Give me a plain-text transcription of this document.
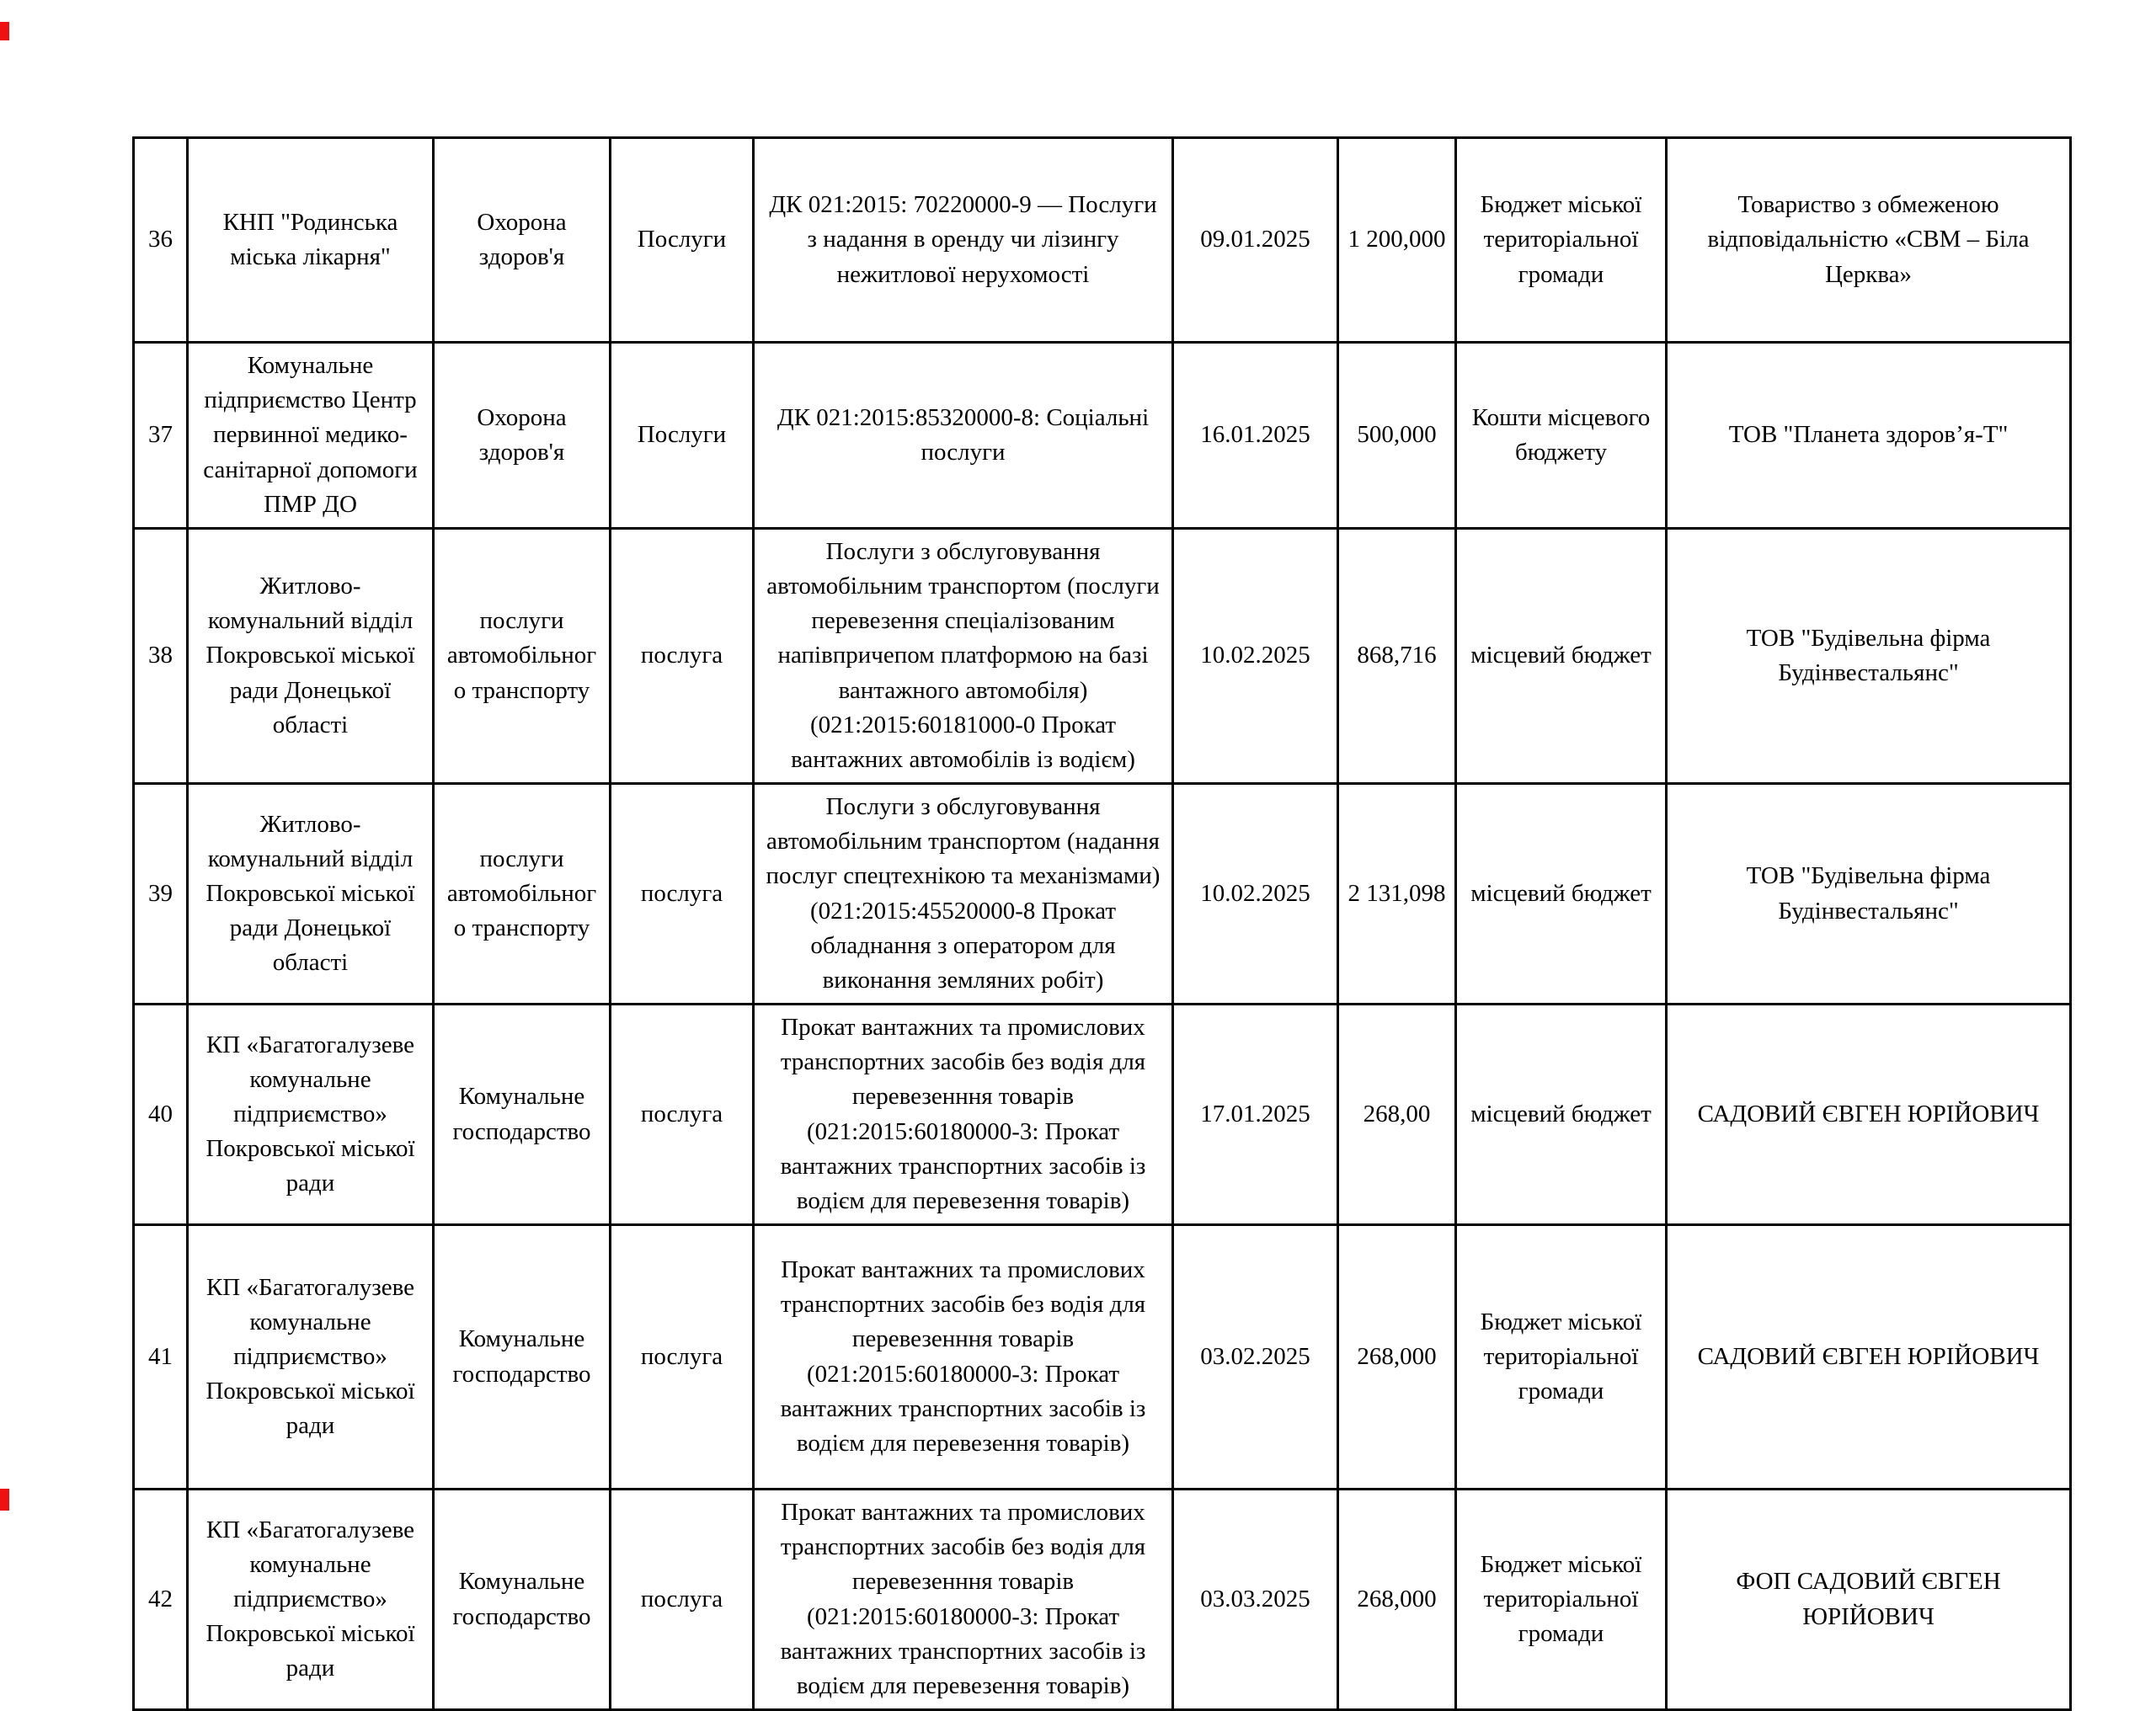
36	КНП "Родинська міська лікарня"	Охорона здоров'я	Послуги	ДК 021:2015: 70220000-9 — Послуги з надання в оренду чи лізингу нежитлової нерухомості	09.01.2025	1 200,000	Бюджет міської територіальної громади	Товариство з обмеженою відповідальністю «СВМ – Біла Церква»
37	Комунальне підприємство Центр первинної медико-санітарної допомоги ПМР ДО	Охорона здоров'я	Послуги	ДК 021:2015:85320000-8: Соціальні послуги	16.01.2025	500,000	Кошти місцевого бюджету	ТОВ "Планета здоров’я-Т"
38	Житлово-комунальний відділ Покровської міської ради Донецької області	послуги автомобільного транспорту	послуга	Послуги з обслуговування автомобільним транспортом (послуги перевезення спеціалізованим напівпричепом платформою на базі вантажного автомобіля) (021:2015:60181000-0 Прокат вантажних автомобілів із водієм)	10.02.2025	868,716	місцевий бюджет	ТОВ "Будівельна фірма Будінвестальянс"
39	Житлово-комунальний відділ Покровської міської ради Донецької області	послуги автомобільного транспорту	послуга	Послуги з обслуговування автомобільним транспортом (надання послуг спецтехнікою та механізмами) (021:2015:45520000-8 Прокат обладнання з оператором для виконання земляних робіт)	10.02.2025	2 131,098	місцевий бюджет	ТОВ "Будівельна фірма Будінвестальянс"
40	КП «Багатогалузеве комунальне підприємство» Покровської міської ради	Комунальне господарство	послуга	Прокат вантажних та промислових транспортних засобів без водія для перевезенння товарів (021:2015:60180000-3: Прокат вантажних транспортних засобів із водієм для перевезення товарів)	17.01.2025	268,00	місцевий бюджет	САДОВИЙ ЄВГЕН ЮРІЙОВИЧ
41	КП «Багатогалузеве комунальне підприємство» Покровської міської ради	Комунальне господарство	послуга	Прокат вантажних та промислових транспортних засобів без водія для перевезенння товарів (021:2015:60180000-3: Прокат вантажних транспортних засобів із водієм для перевезення товарів)	03.02.2025	268,000	Бюджет міської територіальної громади	САДОВИЙ ЄВГЕН ЮРІЙОВИЧ
42	КП «Багатогалузеве комунальне підприємство» Покровської міської ради	Комунальне господарство	послуга	Прокат вантажних та промислових транспортних засобів без водія для перевезенння товарів (021:2015:60180000-3: Прокат вантажних транспортних засобів із водієм для перевезення товарів)	03.03.2025	268,000	Бюджет міської територіальної громади	ФОП САДОВИЙ ЄВГЕН ЮРІЙОВИЧ
